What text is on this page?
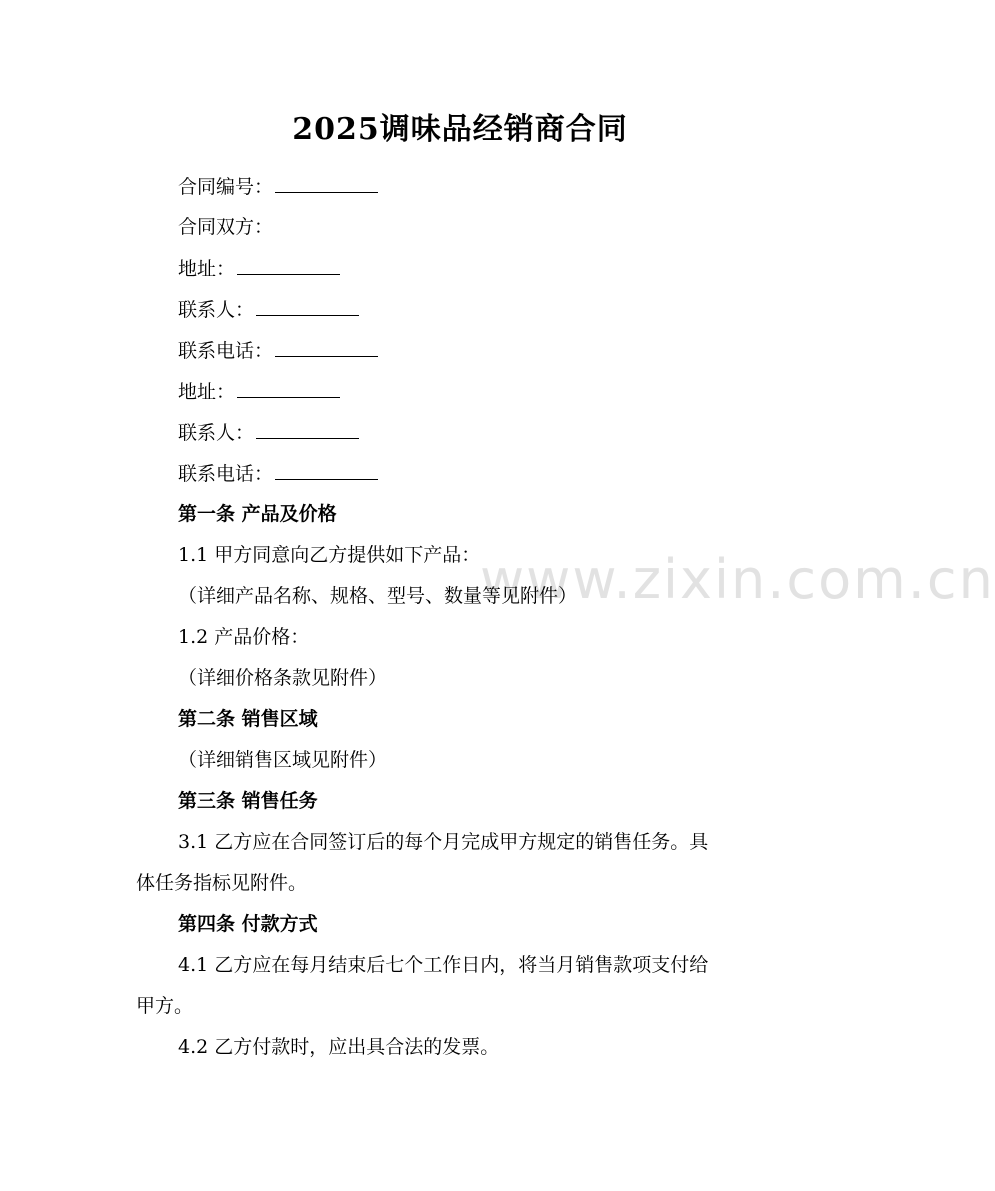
www.zixin.com.cn
2025调味品经销商合同
合同编号：
合同双方：
地址：
联系人：
联系电话：
地址：
联系人：
联系电话：
第一条 产品及价格
1.1 甲方同意向乙方提供如下产品：
（详细产品名称、规格、型号、数量等见附件）
1.2 产品价格：
（详细价格条款见附件）
第二条 销售区域
（详细销售区域见附件）
第三条 销售任务
3.1 乙方应在合同签订后的每个月完成甲方规定的销售任务。具
体任务指标见附件。
第四条 付款方式
4.1 乙方应在每月结束后七个工作日内，将当月销售款项支付给
甲方。
4.2 乙方付款时，应出具合法的发票。
